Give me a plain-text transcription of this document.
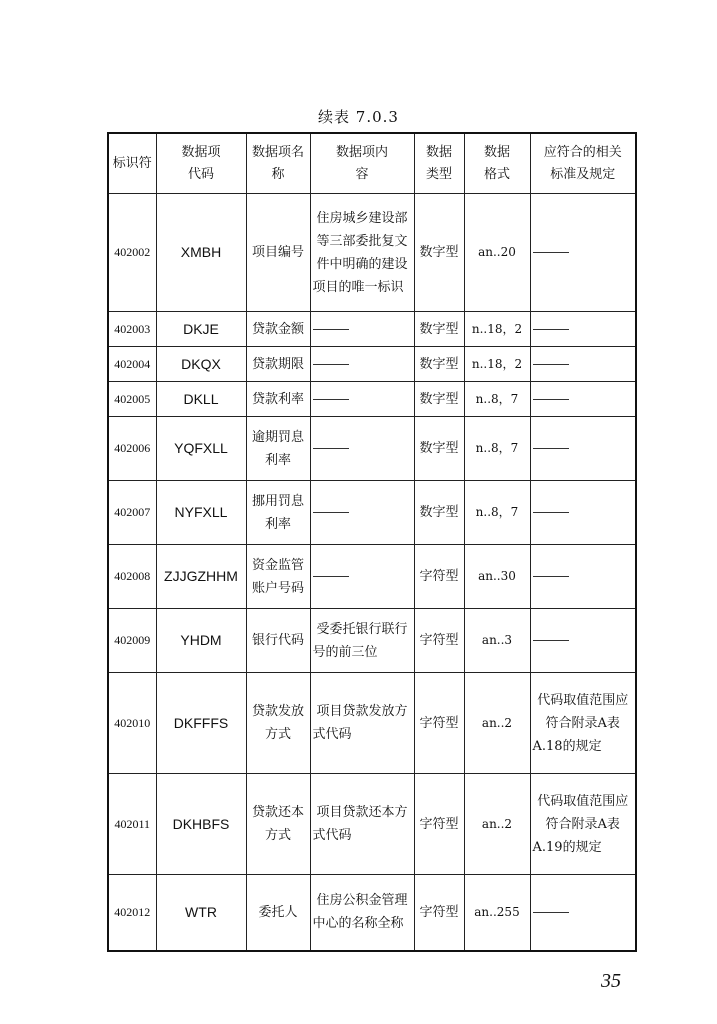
续表 7.0.3
标识符	数据项代码	数据项名称	数据项内容	数据类型	数据格式	应符合的相关标准及规定
402002	XMBH	项目编号	住房城乡建设部等三部委批复文件中明确的建设项目的唯一标识	数字型	an..20	
402003	DKJE	贷款金额		数字型	n..18，2	
402004	DKQX	贷款期限		数字型	n..18，2	
402005	DKLL	贷款利率		数字型	n..8，7	
402006	YQFXLL	逾期罚息利率		数字型	n..8，7	
402007	NYFXLL	挪用罚息利率		数字型	n..8，7	
402008	ZJJGZHHM	资金监管账户号码		字符型	an..30	
402009	YHDM	银行代码	受委托银行联行号的前三位	字符型	an..3	
402010	DKFFFS	贷款发放方式	项目贷款发放方式代码	字符型	an..2	代码取值范围应符合附录A表A.18的规定
402011	DKHBFS	贷款还本方式	项目贷款还本方式代码	字符型	an..2	代码取值范围应符合附录A表A.19的规定
402012	WTR	委托人	住房公积金管理中心的名称全称	字符型	an..255	
35
